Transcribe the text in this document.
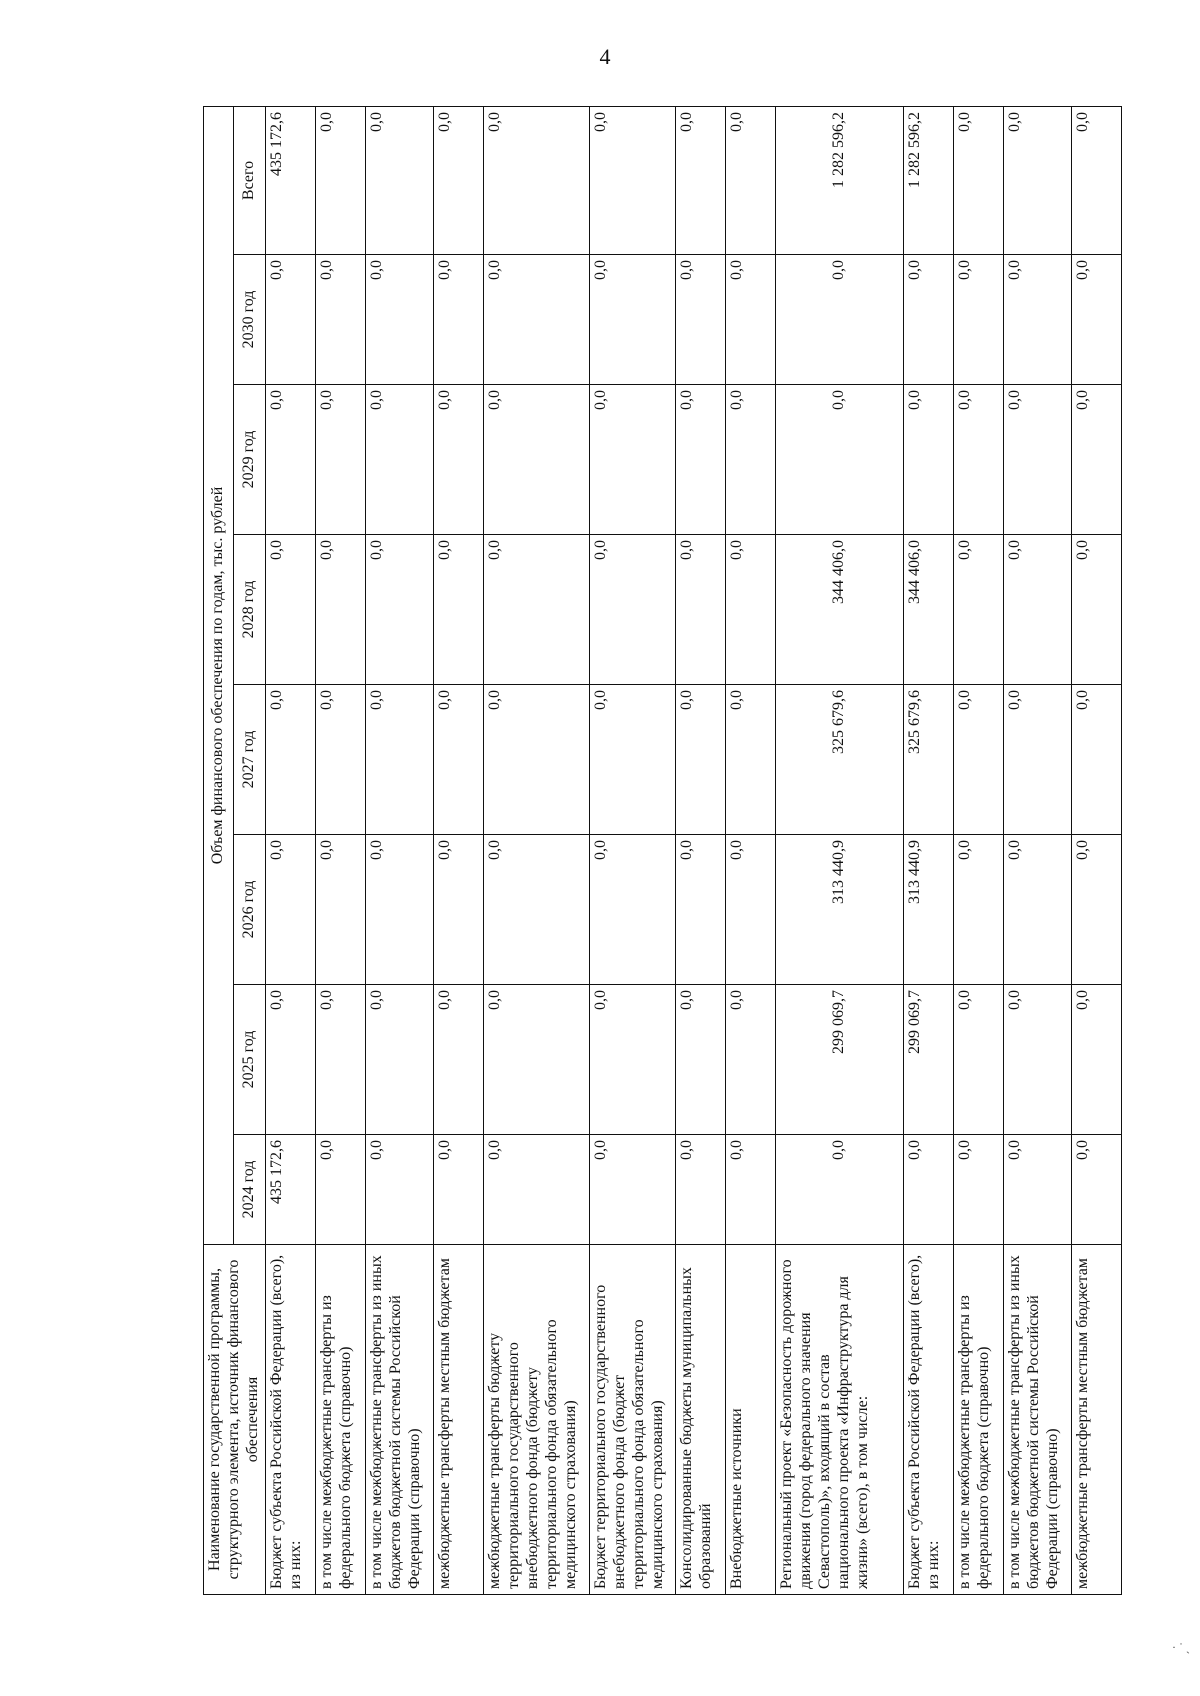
4
Наименование государственной программы, структурного элемента, источник финансового обеспечения	Объем финансового обеспечения по годам, тыс. рублей							
	2024 год	2025 год	2026 год	2027 год	2028 год	2029 год	2030 год	Всего
Бюджет субъекта Российской Федерации (всего), из них:	435 172,6	0,0	0,0	0,0	0,0	0,0	0,0	435 172,6
в том числе межбюджетные трансферты из федерального бюджета (справочно)	0,0	0,0	0,0	0,0	0,0	0,0	0,0	0,0
в том числе межбюджетные трансферты из иных бюджетов бюджетной системы Российской Федерации (справочно)	0,0	0,0	0,0	0,0	0,0	0,0	0,0	0,0
межбюджетные трансферты местным бюджетам	0,0	0,0	0,0	0,0	0,0	0,0	0,0	0,0
межбюджетные трансферты бюджету территориального государственного внебюджетного фонда (бюджету территориального фонда обязательного медицинского страхования)	0,0	0,0	0,0	0,0	0,0	0,0	0,0	0,0
Бюджет территориального государственного внебюджетного фонда (бюджет территориального фонда обязательного медицинского страхования)	0,0	0,0	0,0	0,0	0,0	0,0	0,0	0,0
Консолидированные бюджеты муниципальных образований	0,0	0,0	0,0	0,0	0,0	0,0	0,0	0,0
Внебюджетные источники	0,0	0,0	0,0	0,0	0,0	0,0	0,0	0,0
Региональный проект «Безопасность дорожного движения (город федерального значения Севастополь)», входящий в состав национального проекта «Инфраструктура для жизни» (всего), в том числе:	0,0	299 069,7	313 440,9	325 679,6	344 406,0	0,0	0,0	1 282 596,2
Бюджет субъекта Российской Федерации (всего), из них:	0,0	299 069,7	313 440,9	325 679,6	344 406,0	0,0	0,0	1 282 596,2
в том числе межбюджетные трансферты из федерального бюджета (справочно)	0,0	0,0	0,0	0,0	0,0	0,0	0,0	0,0
в том числе межбюджетные трансферты из иных бюджетов бюджетной системы Российской Федерации (справочно)	0,0	0,0	0,0	0,0	0,0	0,0	0,0	0,0
межбюджетные трансферты местным бюджетам	0,0	0,0	0,0	0,0	0,0	0,0	0,0	0,0
· ˙ ˎ
